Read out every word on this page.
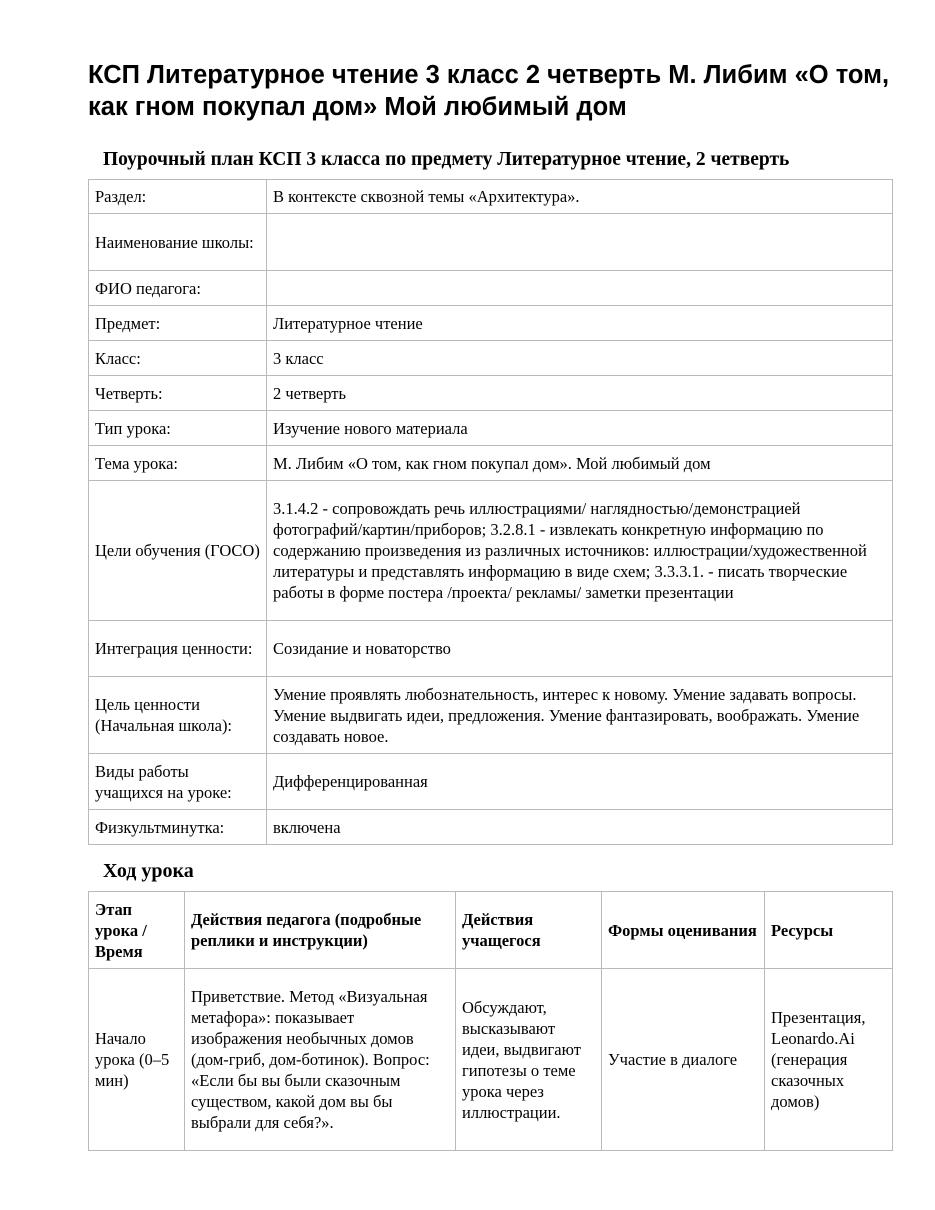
КСП Литературное чтение 3 класс 2 четверть М. Либим «О том, как гном покупал дом» Мой любимый дом
Поурочный план КСП 3 класса по предмету Литературное чтение, 2 четверть
Раздел:	В контексте сквозной темы «Архитектура».
Наименование школы:	
ФИО педагога:	
Предмет:	Литературное чтение
Класс:	3 класс
Четверть:	2 четверть
Тип урока:	Изучение нового материала
Тема урока:	М. Либим «О том, как гном покупал дом». Мой любимый дом
Цели обучения (ГОСО)	3.1.4.2 - сопровождать речь иллюстрациями/ наглядностью/демонстрацией фотографий/картин/приборов; 3.2.8.1 - извлекать конкретную информацию по содержанию произведения из различных источников: иллюстрации/художественной литературы и представлять информацию в виде схем; 3.3.3.1. - писать творческие работы в форме постера /проекта/ рекламы/ заметки презентации
Интеграция ценности:	Созидание и новаторство
Цель ценности (Начальная школа):	Умение проявлять любознательность, интерес к новому. Умение задавать вопросы. Умение выдвигать идеи, предложения. Умение фантазировать, воображать. Умение создавать новое.
Виды работы учащихся на уроке:	Дифференцированная
Физкультминутка:	включена
Ход урока
Этап урока / Время	Действия педагога (подробные реплики и инструкции)	Действия учащегося	Формы оценивания	Ресурсы
Начало урока (0–5 мин)	Приветствие. Метод «Визуальная метафора»: показывает изображения необычных домов (дом-гриб, дом-ботинок). Вопрос: «Если бы вы были сказочным существом, какой дом вы бы выбрали для себя?».	Обсуждают, высказывают идеи, выдвигают гипотезы о теме урока через иллюстрации.	Участие в диалоге	Презентация, Leonardo.Ai (генерация сказочных домов)
